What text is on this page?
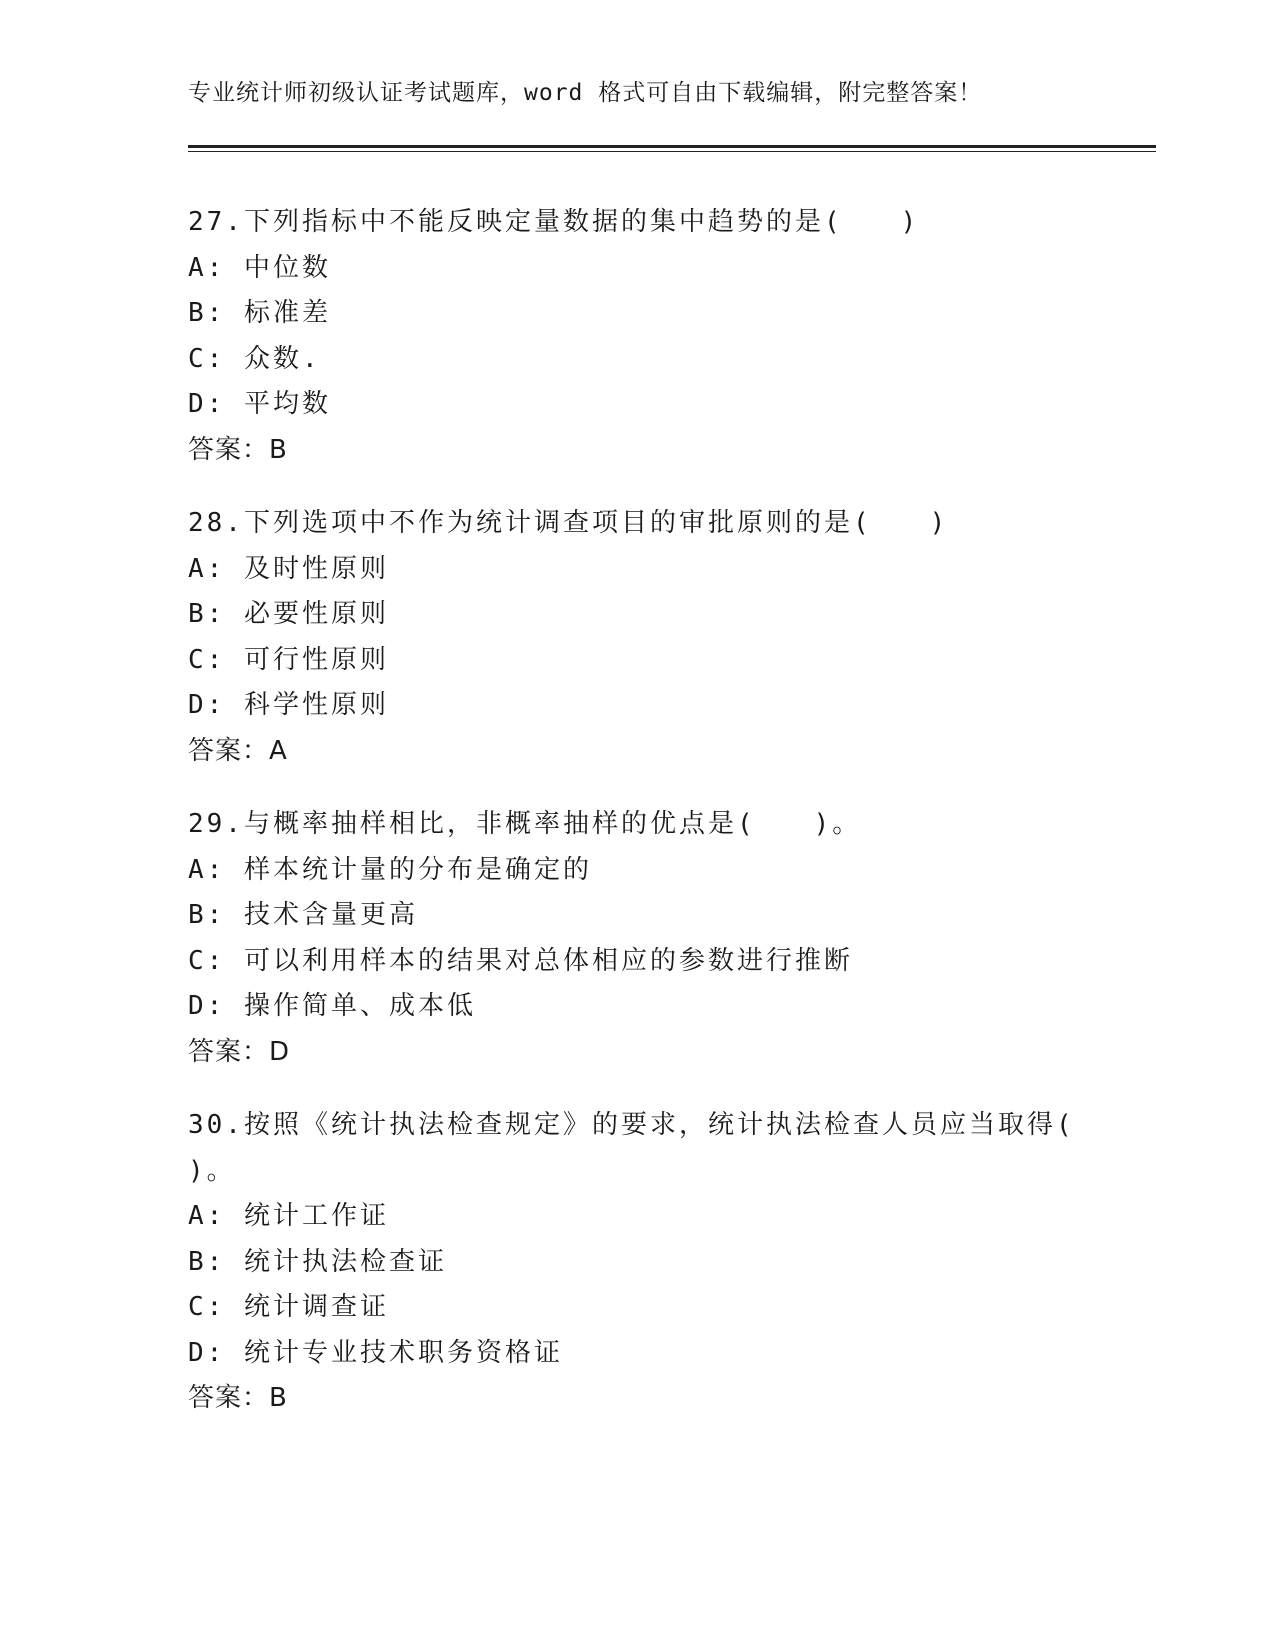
专业统计师初级认证考试题库，word 格式可自由下载编辑，附完整答案！
27.下列指标中不能反映定量数据的集中趋势的是(　　)
A: 中位数
B: 标准差
C: 众数.
D: 平均数
答案：B
28.下列选项中不作为统计调查项目的审批原则的是(　　)
A: 及时性原则
B: 必要性原则
C: 可行性原则
D: 科学性原则
答案：A
29.与概率抽样相比，非概率抽样的优点是(　　)。
A: 样本统计量的分布是确定的
B: 技术含量更高
C: 可以利用样本的结果对总体相应的参数进行推断
D: 操作简单、成本低
答案：D
30.按照《统计执法检查规定》的要求，统计执法检查人员应当取得(
)。
A: 统计工作证
B: 统计执法检查证
C: 统计调查证
D: 统计专业技术职务资格证
答案：B
